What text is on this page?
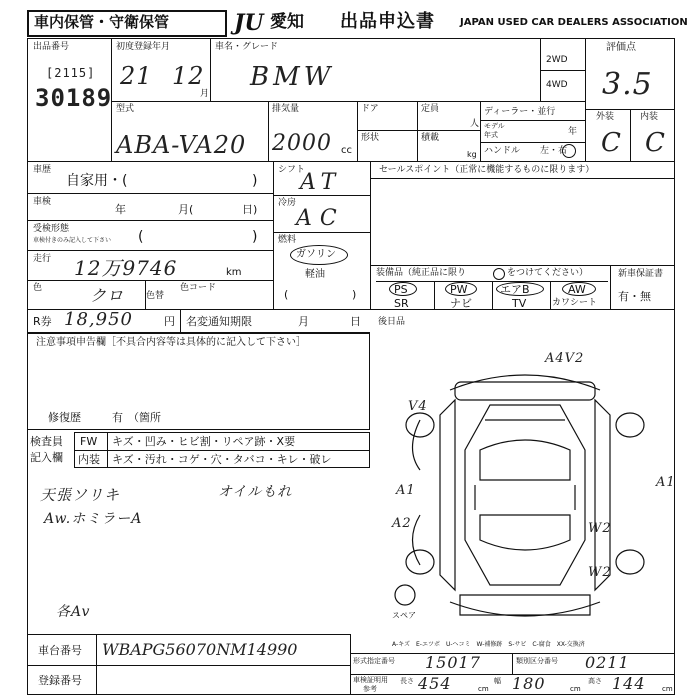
車内保管・守衛保管	JU 愛知 出品申込書	JAPAN USED CAR DEALERS ASSOCIATION
出品番号
[2115]
30189
初度登録年月
21 12
月
車名・グレード
BMW
2WD
4WD
評価点
3.5
外装	内装
C C
型式
ABA-VA20
排気量
2000 cc
ドア	定員
人
形状	積載
kg
ディーラー・並行
モデル
年式	年
ハンドル 左・右
車歴
自家用・(	)
車検
年	月(	日)
受検形態
車検付きのみ記入して下さい (	)
走行 12万9746	km
色	クロ 色替
色コード
シフト
AT
冷房
AC
燃料
ガソリン
軽油
(	)
セールスポイント（正常に機能するものに限ります）
装備品（純正品に限り	をつけてください）
PS	PW	エアB	AW
SR	ナビ	TV	カワシート
新車保証書
有・無
R券 18,950	円 名変通知期限	月	日 後日品
注意事項申告欄［不具合内容等は具体的に記入して下さい］
修復歴	有 （箇所
検査員
記入欄
FW キズ・凹み・ヒビ割・リペア跡・X要
内装 キズ・汚れ・コゲ・穴・タバコ・キレ・破レ
天張ソリキ
Aw.ホミラーA
オイルもれ
各Av
A4V2
V4
A1
A2
A1
W2
W2
スペア
A-キズ　E-エツボ　U-ヘコミ　W-補修跡　S-サビ　C-腐食　XX-交換済
車台番号 WBAPG56070NM14990
登録番号
形式指定番号 15017	類別区分番号 0211
車検証明用
参考
長さ 454	cm
幅 180	cm
高さ 144 cm
